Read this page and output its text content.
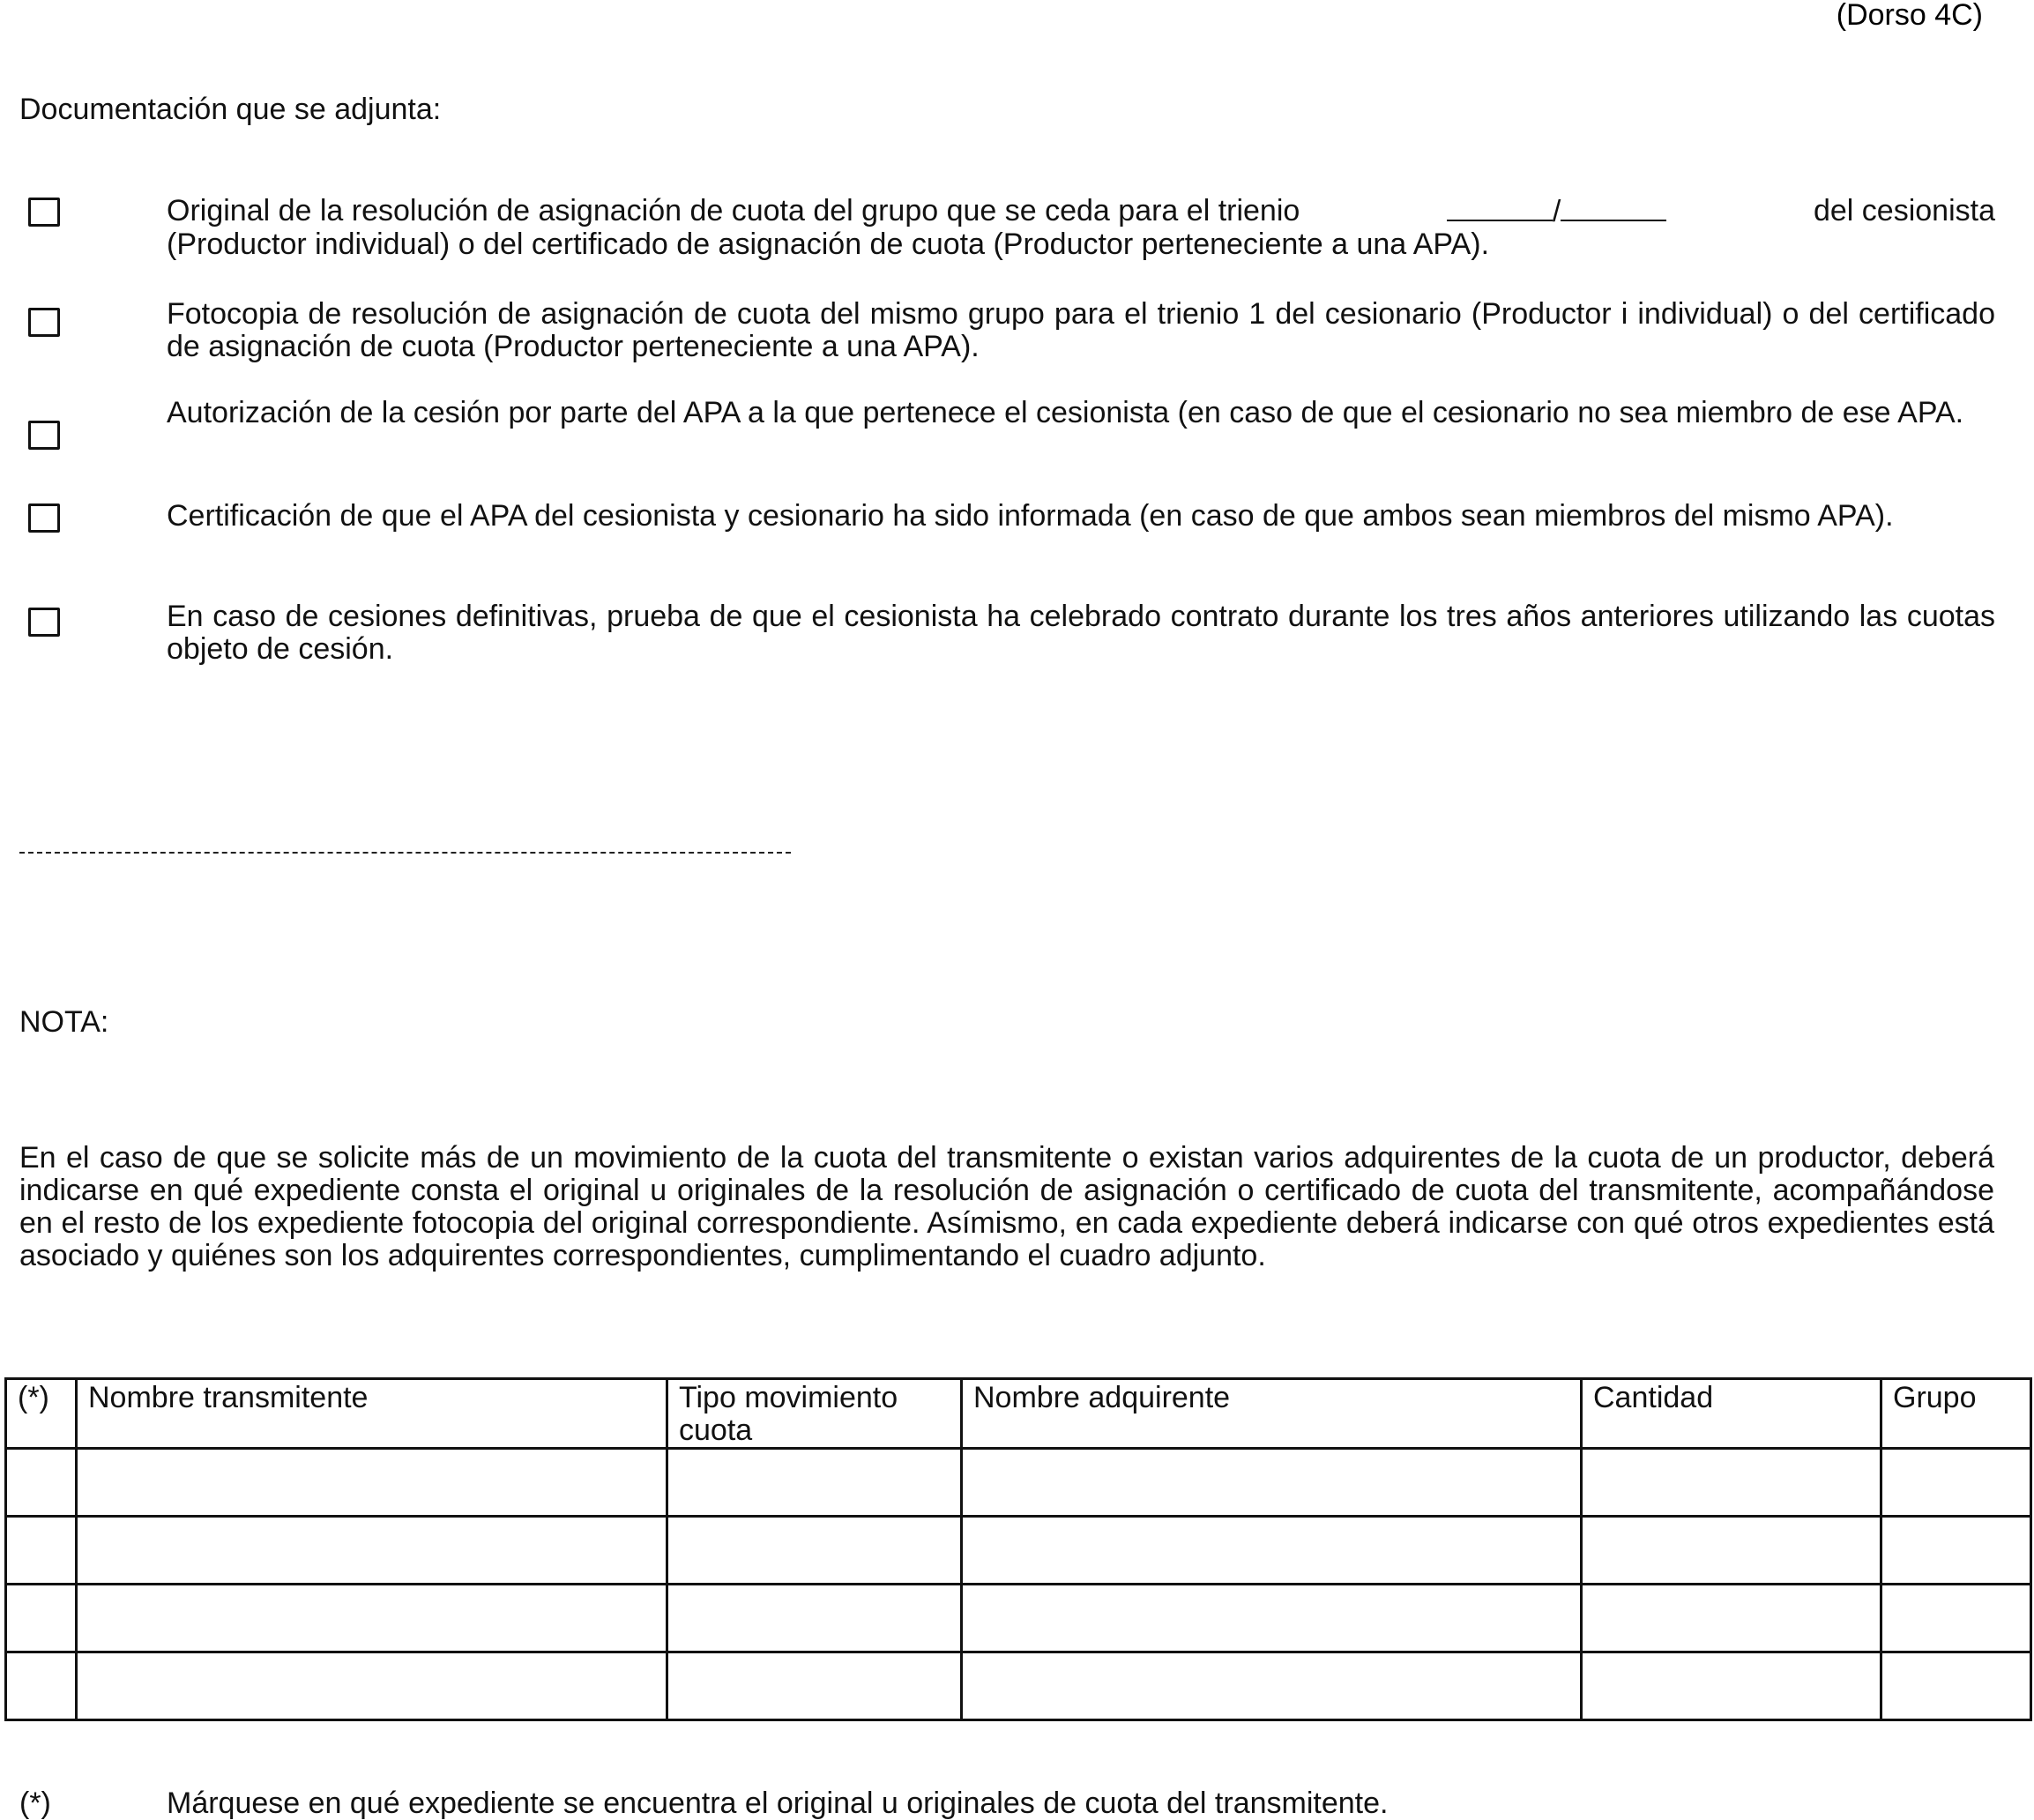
(Dorso 4C)
Documentación que se adjunta:
Original de la resolución de asignación de cuota del grupo que se ceda para el trienio	/	del cesionista
(Productor individual) o del certificado de asignación de cuota (Productor perteneciente a una APA).
Fotocopia de resolución de asignación de cuota del mismo grupo para el trienio 1 del cesionario (Productor i individual) o del certificado de asignación de cuota (Productor perteneciente a una APA).
Autorización de la cesión por parte del APA a la que pertenece el cesionista (en caso de que el cesionario no sea miembro de ese APA.
Certificación de que el APA del cesionista y cesionario ha sido informada (en caso de que ambos sean miembros del mismo APA).
En caso de cesiones definitivas, prueba de que el cesionista ha celebrado contrato durante los tres años anteriores utilizando las cuotas objeto de cesión.
NOTA:
En el caso de que se solicite más de un movimiento de la cuota del transmitente o existan varios adquirentes de la cuota de un productor, deberá indicarse en qué expediente consta el original u originales de la resolución de asignación o certificado de cuota del transmitente, acompañándose en el resto de los expediente fotocopia del original correspondiente. Asímismo, en cada expediente deberá indicarse con qué otros expedientes está asociado y quiénes son los adquirentes correspondientes, cumplimentando el cuadro adjunto.
(*)	Nombre transmitente	Tipo movimiento cuota	Nombre adquirente	Cantidad	Grupo

(*)	Márquese en qué expediente se encuentra el original u originales de cuota del transmitente.
